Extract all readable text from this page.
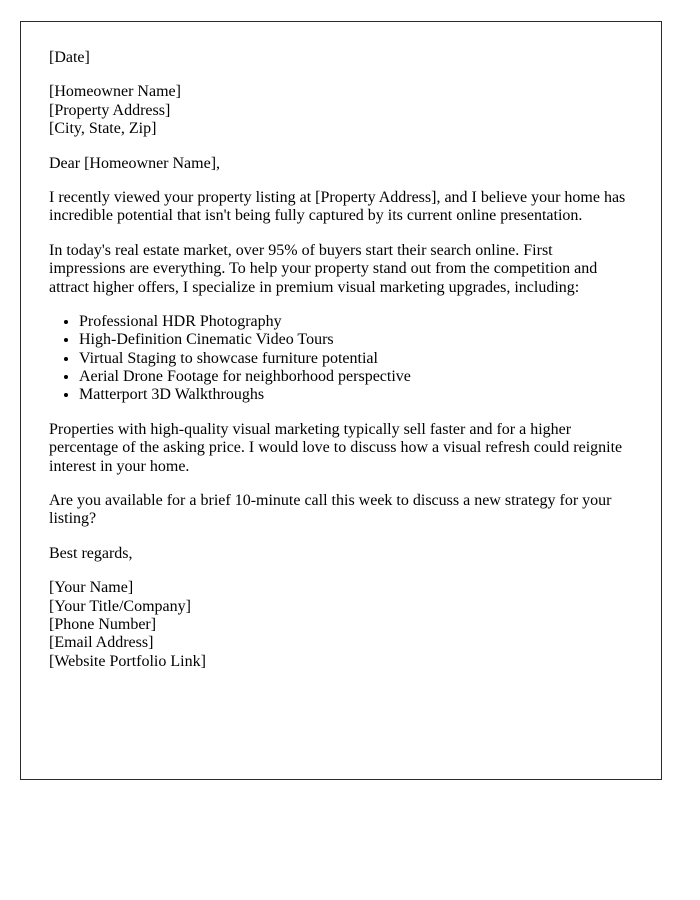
[Date]

[Homeowner Name]
[Property Address]
[City, State, Zip]

Dear [Homeowner Name],

I recently viewed your property listing at [Property Address], and I believe your home has incredible potential that isn't being fully captured by its current online presentation.

In today's real estate market, over 95% of buyers start their search online. First impressions are everything. To help your property stand out from the competition and attract higher offers, I specialize in premium visual marketing upgrades, including:

• Professional HDR Photography
• High-Definition Cinematic Video Tours
• Virtual Staging to showcase furniture potential
• Aerial Drone Footage for neighborhood perspective
• Matterport 3D Walkthroughs

Properties with high-quality visual marketing typically sell faster and for a higher percentage of the asking price. I would love to discuss how a visual refresh could reignite interest in your home.

Are you available for a brief 10-minute call this week to discuss a new strategy for your listing?

Best regards,

[Your Name]
[Your Title/Company]
[Phone Number]
[Email Address]
[Website Portfolio Link]
